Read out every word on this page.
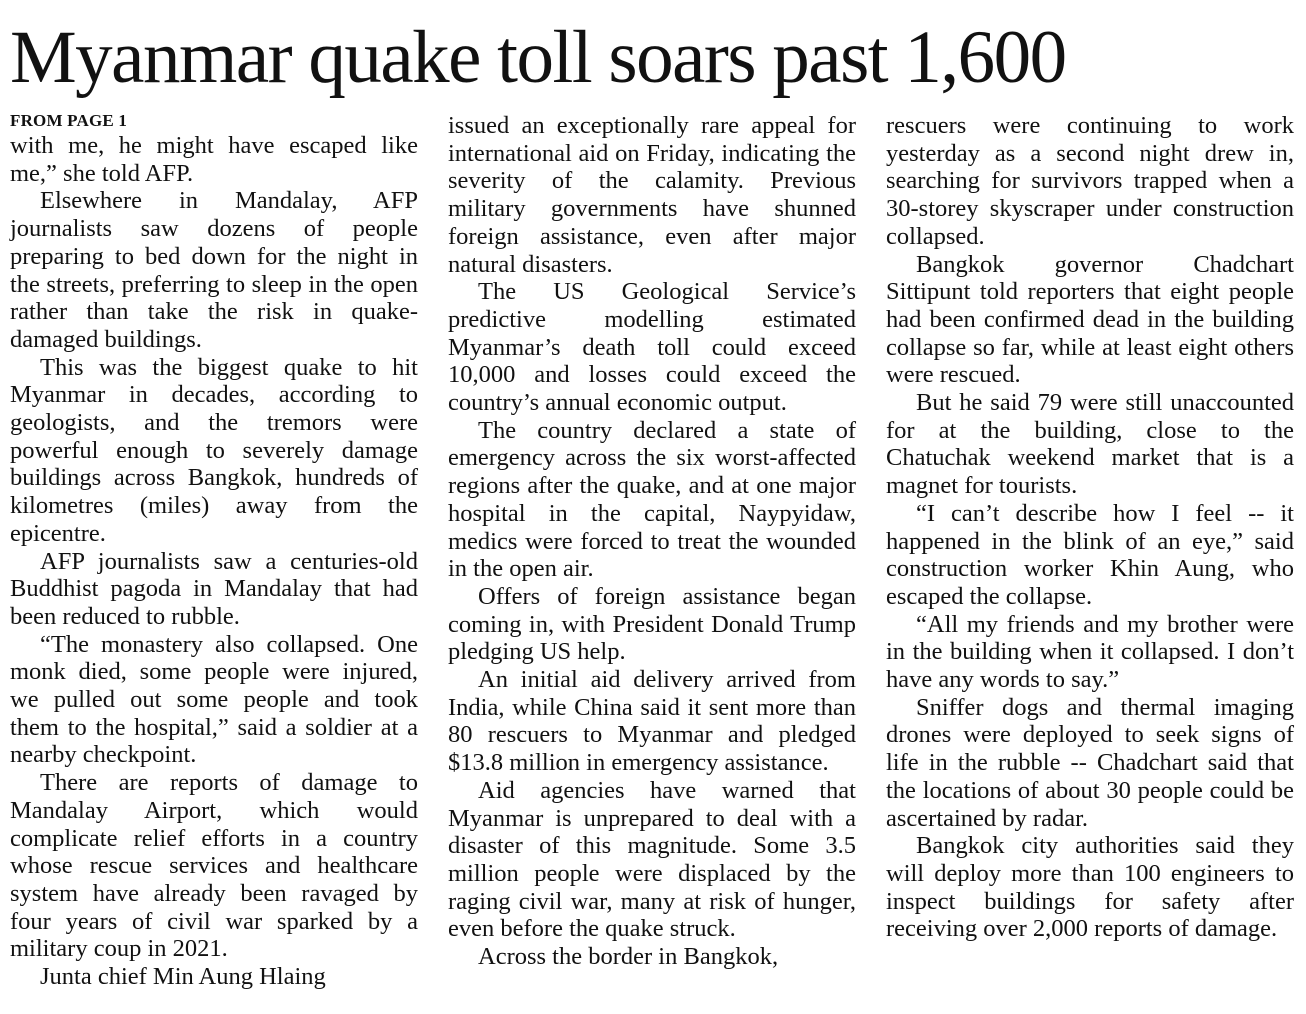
Myanmar quake toll soars past 1,600
FROM PAGE 1

with me, he might have escaped like me,” she told AFP.

Elsewhere in Mandalay, AFP journalists saw dozens of people preparing to bed down for the night in the streets, preferring to sleep in the open rather than take the risk in quake-damaged buildings.

This was the biggest quake to hit Myanmar in decades, according to geologists, and the tremors were powerful enough to severely damage buildings across Bangkok, hundreds of kilometres (miles) away from the epicentre.

AFP journalists saw a centuries-old Buddhist pagoda in Mandalay that had been reduced to rubble.

“The monastery also collapsed. One monk died, some people were injured, we pulled out some people and took them to the hospital,” said a soldier at a nearby checkpoint.

There are reports of damage to Mandalay Airport, which would complicate relief efforts in a country whose rescue services and healthcare system have already been ravaged by four years of civil war sparked by a military coup in 2021.

Junta chief Min Aung Hlaing

issued an exceptionally rare appeal for international aid on Friday, indicating the severity of the calamity. Previous military governments have shunned foreign assistance, even after major natural disasters.

The US Geological Service’s predictive modelling estimated Myanmar’s death toll could exceed 10,000 and losses could exceed the country’s annual economic output.

The country declared a state of emergency across the six worst-affected regions after the quake, and at one major hospital in the capital, Naypyidaw, medics were forced to treat the wounded in the open air.

Offers of foreign assistance began coming in, with President Donald Trump pledging US help.

An initial aid delivery arrived from India, while China said it sent more than 80 rescuers to Myanmar and pledged $13.8 million in emergency assistance.

Aid agencies have warned that Myanmar is unprepared to deal with a disaster of this magnitude. Some 3.5 million people were displaced by the raging civil war, many at risk of hunger, even before the quake struck.

Across the border in Bangkok,

rescuers were continuing to work yesterday as a second night drew in, searching for survivors trapped when a 30-storey skyscraper under construction collapsed.

Bangkok governor Chadchart Sittipunt told reporters that eight people had been confirmed dead in the building collapse so far, while at least eight others were rescued.

But he said 79 were still unaccounted for at the building, close to the Chatuchak weekend market that is a magnet for tourists.

“I can’t describe how I feel -- it happened in the blink of an eye,” said construction worker Khin Aung, who escaped the collapse.

“All my friends and my brother were in the building when it collapsed. I don’t have any words to say.”

Sniffer dogs and thermal imaging drones were deployed to seek signs of life in the rubble -- Chadchart said that the locations of about 30 people could be ascertained by radar.

Bangkok city authorities said they will deploy more than 100 engineers to inspect buildings for safety after receiving over 2,000 reports of damage.
